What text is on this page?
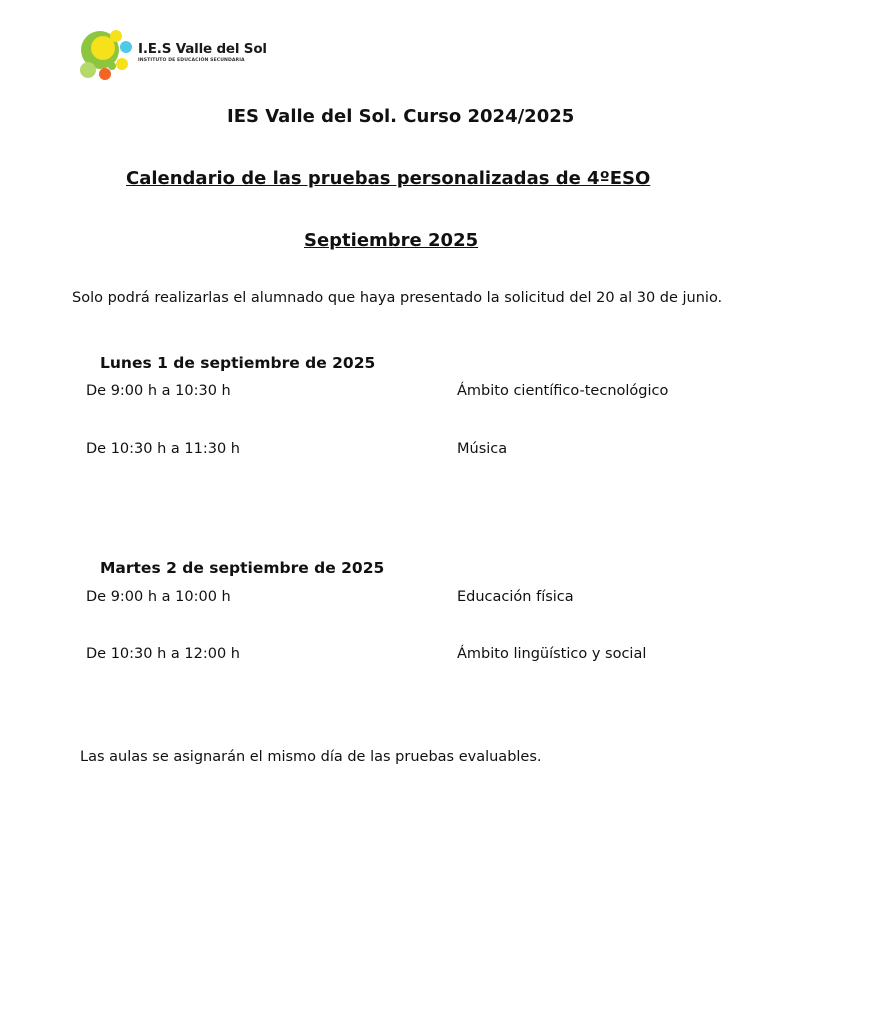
I.E.S Valle del Sol
INSTITUTO DE EDUCACIÓN SECUNDARIA
IES Valle del Sol. Curso 2024/2025
Calendario de las pruebas personalizadas de 4ºESO
Septiembre 2025
Solo podrá realizarlas el alumnado que haya presentado la solicitud del 20 al 30 de junio.
Lunes 1 de septiembre de 2025
De 9:00 h a 10:30 h	Ámbito científico-tecnológico
De 10:30 h a 11:30 h	Música
Martes 2 de septiembre de 2025
De 9:00 h a 10:00 h	Educación física
De 10:30 h a 12:00 h	Ámbito lingüístico y social
Las aulas se asignarán el mismo día de las pruebas evaluables.
